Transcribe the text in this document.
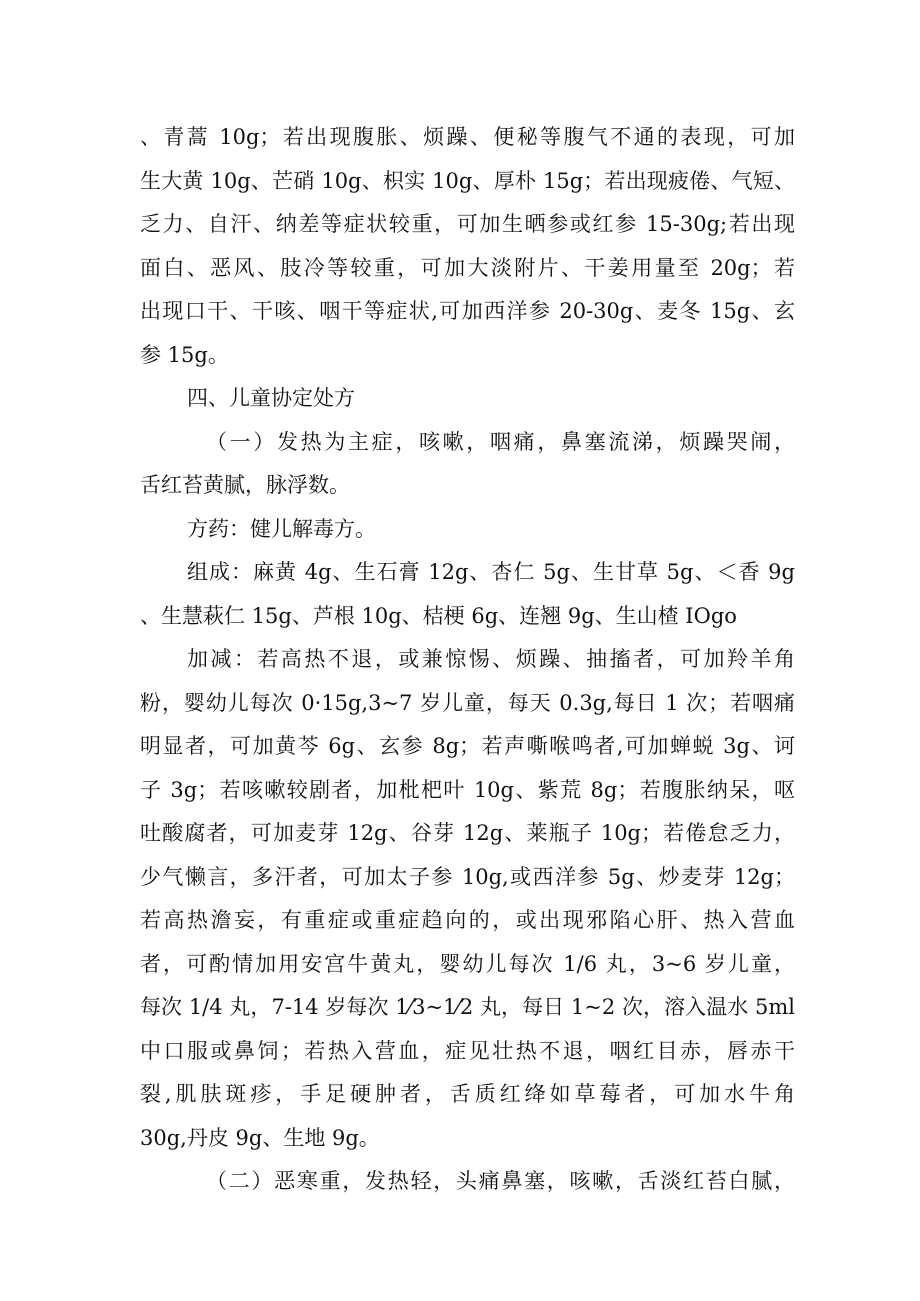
、青蒿 10g；若出现腹胀、烦躁、便秘等腹气不通的表现，可加
生大黄 10g、芒硝 10g、枳实 10g、厚朴 15g；若出现疲倦、气短、
乏力、自汗、纳差等症状较重，可加生晒参或红参 15-30g;若出现
面白、恶风、肢冷等较重，可加大淡附片、干姜用量至 20g；若
出现口干、干咳、咽干等症状,可加西洋参 20-30g、麦冬 15g、玄
参 15g。
四、儿童协定处方
（一）发热为主症，咳嗽，咽痛，鼻塞流涕，烦躁哭闹，
舌红苔黄腻，脉浮数。
方药：健儿解毒方。
组成：麻黄 4g、生石膏 12g、杏仁 5g、生甘草 5g、＜香 9g
、生慧萩仁 15g、芦根 10g、桔梗 6g、连翘 9g、生山楂 IOgo
加减：若高热不退，或兼惊惕、烦躁、抽搐者，可加羚羊角
粉，婴幼儿每次 0·15g,3~7 岁儿童，每天 0.3g,每日 1 次；若咽痛
明显者，可加黄芩 6g、玄参 8g；若声嘶喉鸣者,可加蝉蜕 3g、诃
子 3g；若咳嗽较剧者，加枇杷叶 10g、紫荒 8g；若腹胀纳呆，呕
吐酸腐者，可加麦芽 12g、谷芽 12g、莱瓶子 10g；若倦怠乏力，
少气懒言，多汗者，可加太子参 10g,或西洋参 5g、炒麦芽 12g；
若高热澹妄，有重症或重症趋向的，或出现邪陷心肝、热入营血
者，可酌情加用安宫牛黄丸，婴幼儿每次 1/6 丸，3~6 岁儿童，
每次 1/4 丸，7-14 岁每次 1⁄3~1⁄2 丸，每日 1~2 次，溶入温水 5ml
中口服或鼻饲；若热入营血，症见壮热不退，咽红目赤，唇赤干
裂,肌肤斑疹，手足硬肿者，舌质红绛如草莓者，可加水牛角
30g,丹皮 9g、生地 9g。
（二）恶寒重，发热轻，头痛鼻塞，咳嗽，舌淡红苔白腻，
